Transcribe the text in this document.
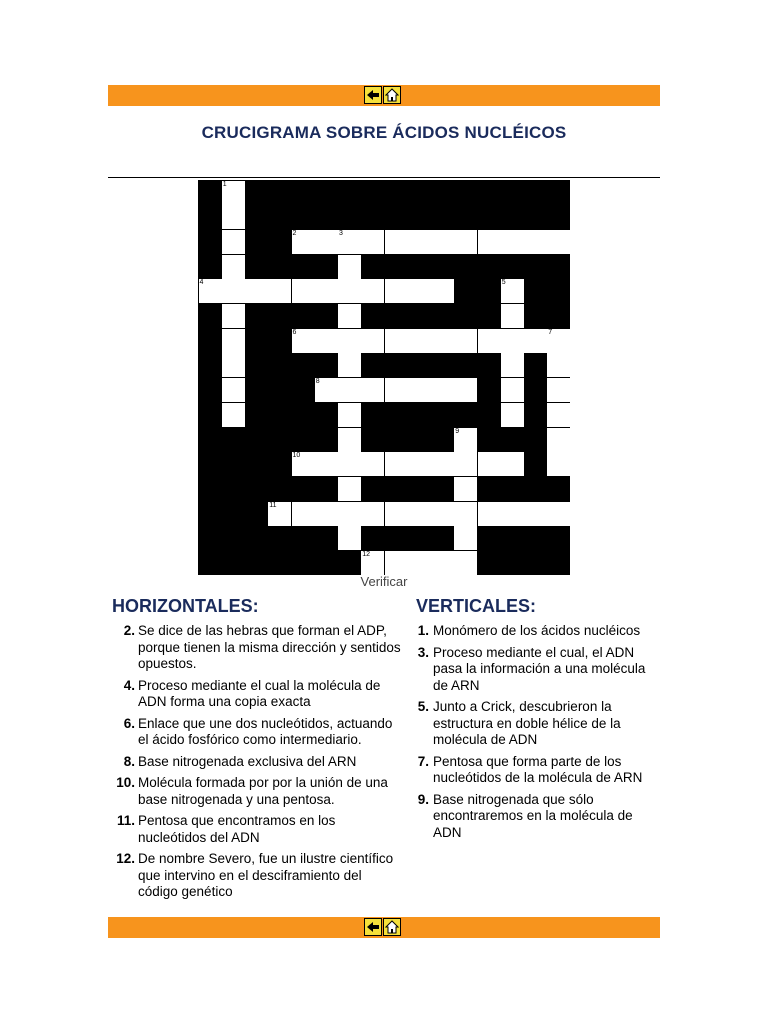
CRUCIGRAMA SOBRE ÁCIDOS NUCLÉICOS
1
2	3
4	5
6	7
8
9
10
11
12
Verificar
HORIZONTALES:
2. Se dice de las hebras que forman el ADP, porque tienen la misma dirección y sentidos opuestos.
4. Proceso mediante el cual la molécula de ADN forma una copia exacta
6. Enlace que une dos nucleótidos, actuando el ácido fosfórico como intermediario.
8. Base nitrogenada exclusiva del ARN
10. Molécula formada por por la unión de una base nitrogenada y una pentosa.
11. Pentosa que encontramos en los nucleótidos del ADN
12. De nombre Severo, fue un ilustre científico que intervino en el desciframiento del código genético
VERTICALES:
1. Monómero de los ácidos nucléicos
3. Proceso mediante el cual, el ADN pasa la información a una molécula de ARN
5. Junto a Crick, descubrieron la estructura en doble hélice de la molécula de ADN
7. Pentosa que forma parte de los nucleótidos de la molécula de ARN
9. Base nitrogenada que sólo encontraremos en la molécula de ADN
